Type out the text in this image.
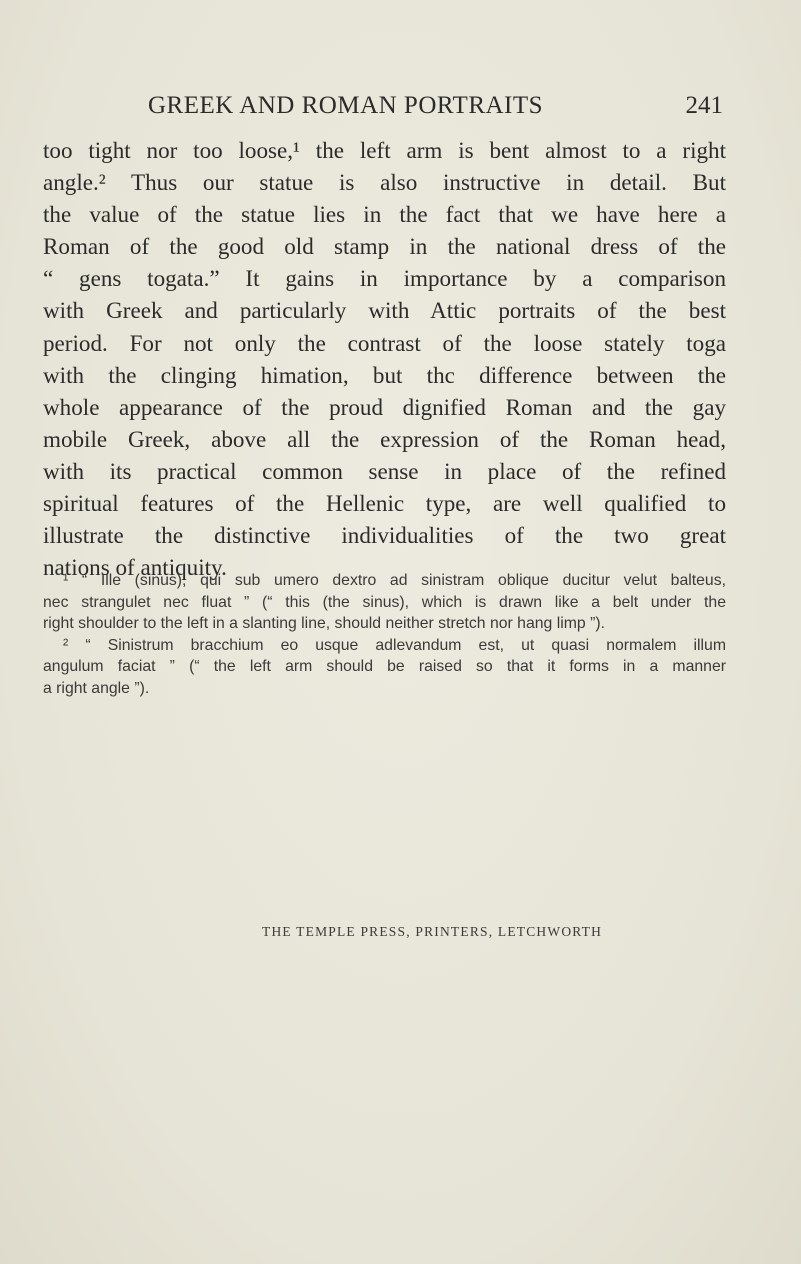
GREEK AND ROMAN PORTRAITS	241
too tight nor too loose,¹ the left arm is bent almost to a right
angle.² Thus our statue is also instructive in detail. But
the value of the statue lies in the fact that we have here a
Roman of the good old stamp in the national dress of the
“ gens togata.” It gains in importance by a comparison
with Greek and particularly with Attic portraits of the best
period. For not only the contrast of the loose stately toga
with the clinging himation, but thc difference between the
whole appearance of the proud dignified Roman and the gay
mobile Greek, above all the expression of the Roman head,
with its practical common sense in place of the refined
spiritual features of the Hellenic type, are well qualified to
illustrate the distinctive individualities of the two great
nations of antiquity.
¹ “ Ille (sinus), qui sub umero dextro ad sinistram oblique ducitur velut balteus,
nec strangulet nec fluat ” (“ this (the sinus), which is drawn like a belt under the
right shoulder to the left in a slanting line, should neither stretch nor hang limp ”).
² “ Sinistrum bracchium eo usque adlevandum est, ut quasi normalem illum
angulum faciat ” (“ the left arm should be raised so that it forms in a manner
a right angle ”).
THE TEMPLE PRESS, PRINTERS, LETCHWORTH
